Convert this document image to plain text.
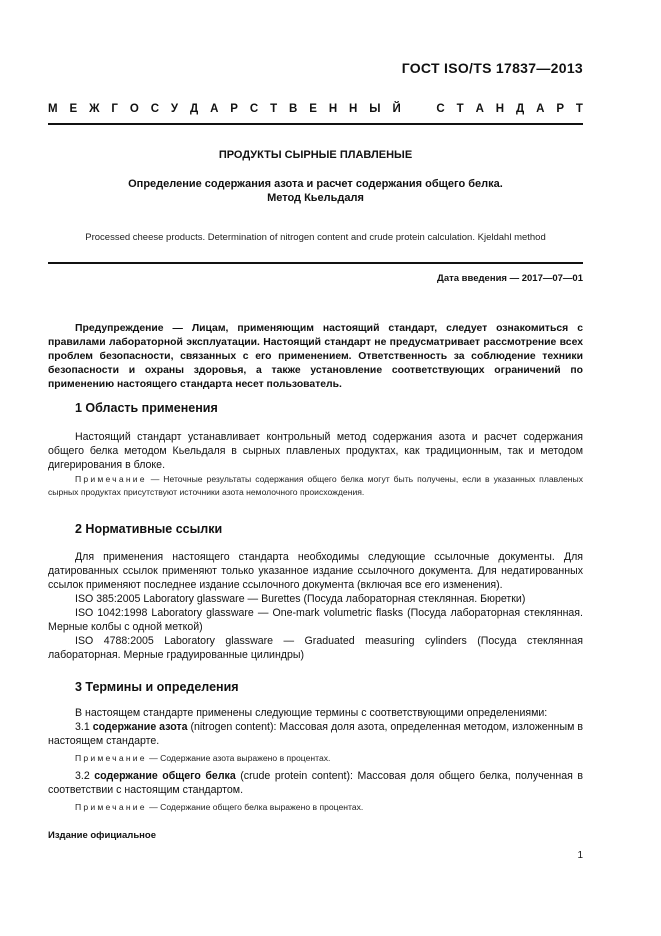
ГОСТ ISO/TS 17837—2013
М Е Ж Г О С У Д А Р С Т В Е Н Н Ы Й	С Т А Н Д А Р Т
ПРОДУКТЫ СЫРНЫЕ ПЛАВЛЕНЫЕ
Определение содержания азота и расчет содержания общего белка.
Метод Кьельдаля
Processed cheese products. Determination of nitrogen content and crude protein calculation. Kjeldahl method
Дата введения — 2017—07—01
Предупреждение — Лицам, применяющим настоящий стандарт, следует ознакомиться с правилами лабораторной эксплуатации. Настоящий стандарт не предусматривает рассмотрение всех проблем безопасности, связанных с его применением. Ответственность за соблюдение техники безопасности и охраны здоровья, а также установление соответствующих ограничений по применению настоящего стандарта несет пользователь.
1 Область применения

Настоящий стандарт устанавливает контрольный метод содержания азота и расчет содержания общего белка методом Кьельдаля в сырных плавленых продуктах, как традиционным, так и методом дигерирования в блоке.

Примечание — Неточные результаты содержания общего белка могут быть получены, если в указанных плавленых сырных продуктах присутствуют источники азота немолочного происхождения.
2 Нормативные ссылки

Для применения настоящего стандарта необходимы следующие ссылочные документы. Для датированных ссылок применяют только указанное издание ссылочного документа. Для недатированных ссылок применяют последнее издание ссылочного документа (включая все его изменения).

ISO 385:2005 Laboratory glassware — Burettes (Посуда лабораторная стеклянная. Бюретки)

ISO 1042:1998 Laboratory glassware — One-mark volumetric flasks (Посуда лабораторная стеклянная. Мерные колбы с одной меткой)

ISO 4788:2005 Laboratory glassware — Graduated measuring cylinders (Посуда стеклянная лабораторная. Мерные градуированные цилиндры)

3 Термины и определения

В настоящем стандарте применены следующие термины с соответствующими определениями:

3.1 содержание азота (nitrogen content): Массовая доля азота, определенная методом, изложенным в настоящем стандарте.

Примечание — Содержание азота выражено в процентах.

3.2 содержание общего белка (crude protein content): Массовая доля общего белка, полученная в соответствии с настоящим стандартом.

Примечание — Содержание общего белка выражено в процентах.
Издание официальное
1
